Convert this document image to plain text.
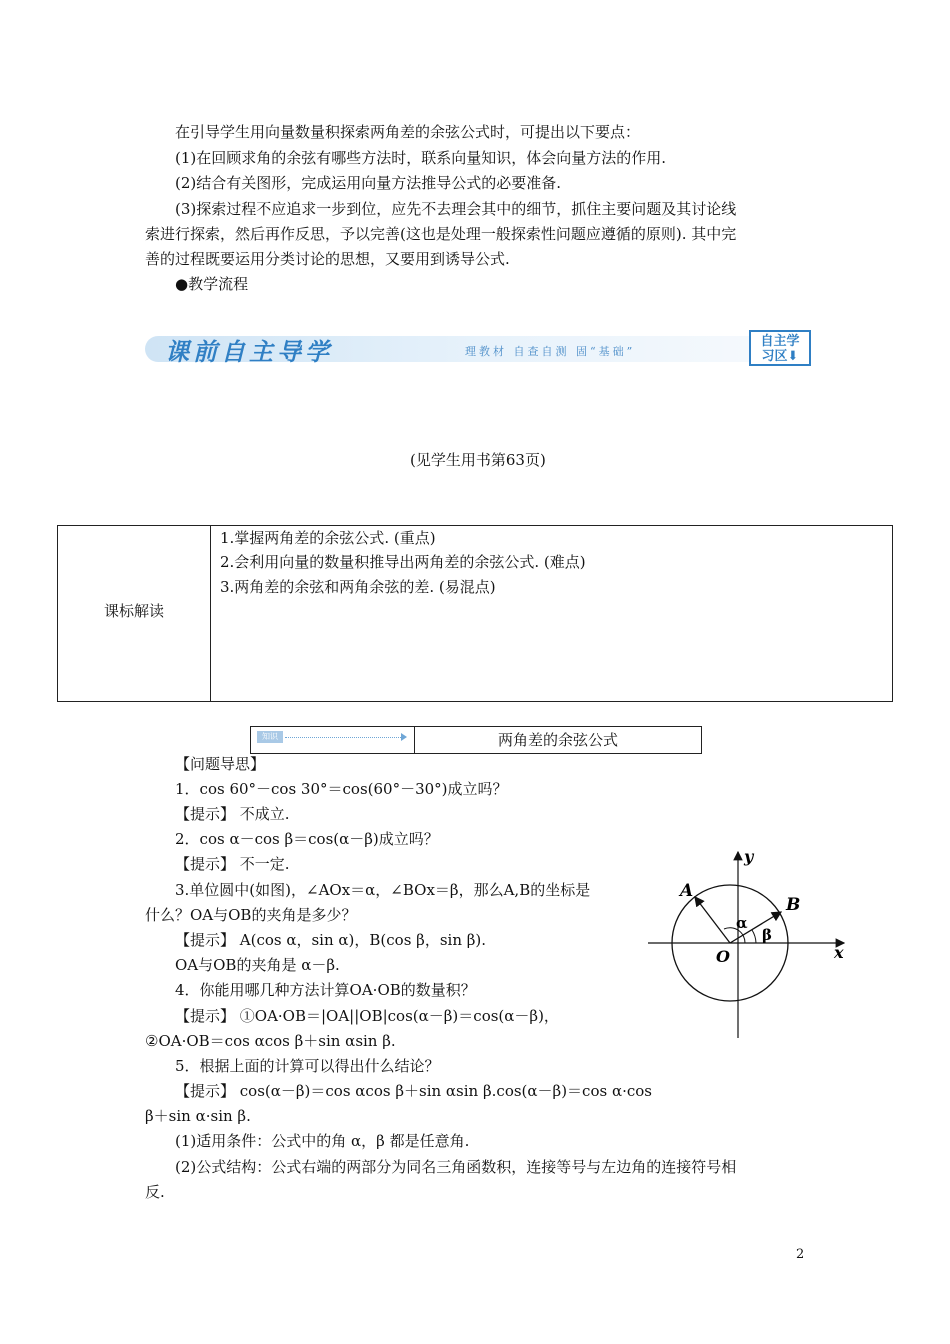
在引导学生用向量数量积探索两角差的余弦公式时，可提出以下要点：
(1)在回顾求角的余弦有哪些方法时，联系向量知识，体会向量方法的作用.
(2)结合有关图形，完成运用向量方法推导公式的必要准备.
(3)探索过程不应追求一步到位，应先不去理会其中的细节，抓住主要问题及其讨论线
索进行探索，然后再作反思，予以完善(这也是处理一般探索性问题应遵循的原则). 其中完
善的过程既要运用分类讨论的思想，又要用到诱导公式.
●教学流程
课前自主导学	理教材 自查自测 固“基础”
自主学
习区⬇
(见学生用书第63页)
课标解读
1.掌握两角差的余弦公式. (重点)
2.会利用向量的数量积推导出两角差的余弦公式. (难点)
3.两角差的余弦和两角余弦的差. (易混点)
知识	两角差的余弦公式
【问题导思】
1．cos 60°－cos 30°＝cos(60°－30°)成立吗？
【提示】 不成立.
2．cos α－cos β＝cos(α－β)成立吗？
【提示】 不一定.
3.单位圆中(如图)，∠AOx＝α，∠BOx＝β，那么A,B的坐标是
什么？OA与OB的夹角是多少？
【提示】 A(cos α，sin α)，B(cos β，sin β).
OA与OB的夹角是 α－β.
4．你能用哪几种方法计算OA·OB的数量积？
【提示】 ①OA·OB＝|OA||OB|cos(α－β)＝cos(α－β)，
②OA·OB＝cos αcos β＋sin αsin β.
5．根据上面的计算可以得出什么结论？
【提示】 cos(α－β)＝cos αcos β＋sin αsin β.cos(α－β)＝cos α·cos
β＋sin α·sin β.
(1)适用条件：公式中的角 α，β 都是任意角.
(2)公式结构：公式右端的两部分为同名三角函数积，连接等号与左边角的连接符号相
反.
A
B
O	x
y
α
β
2
